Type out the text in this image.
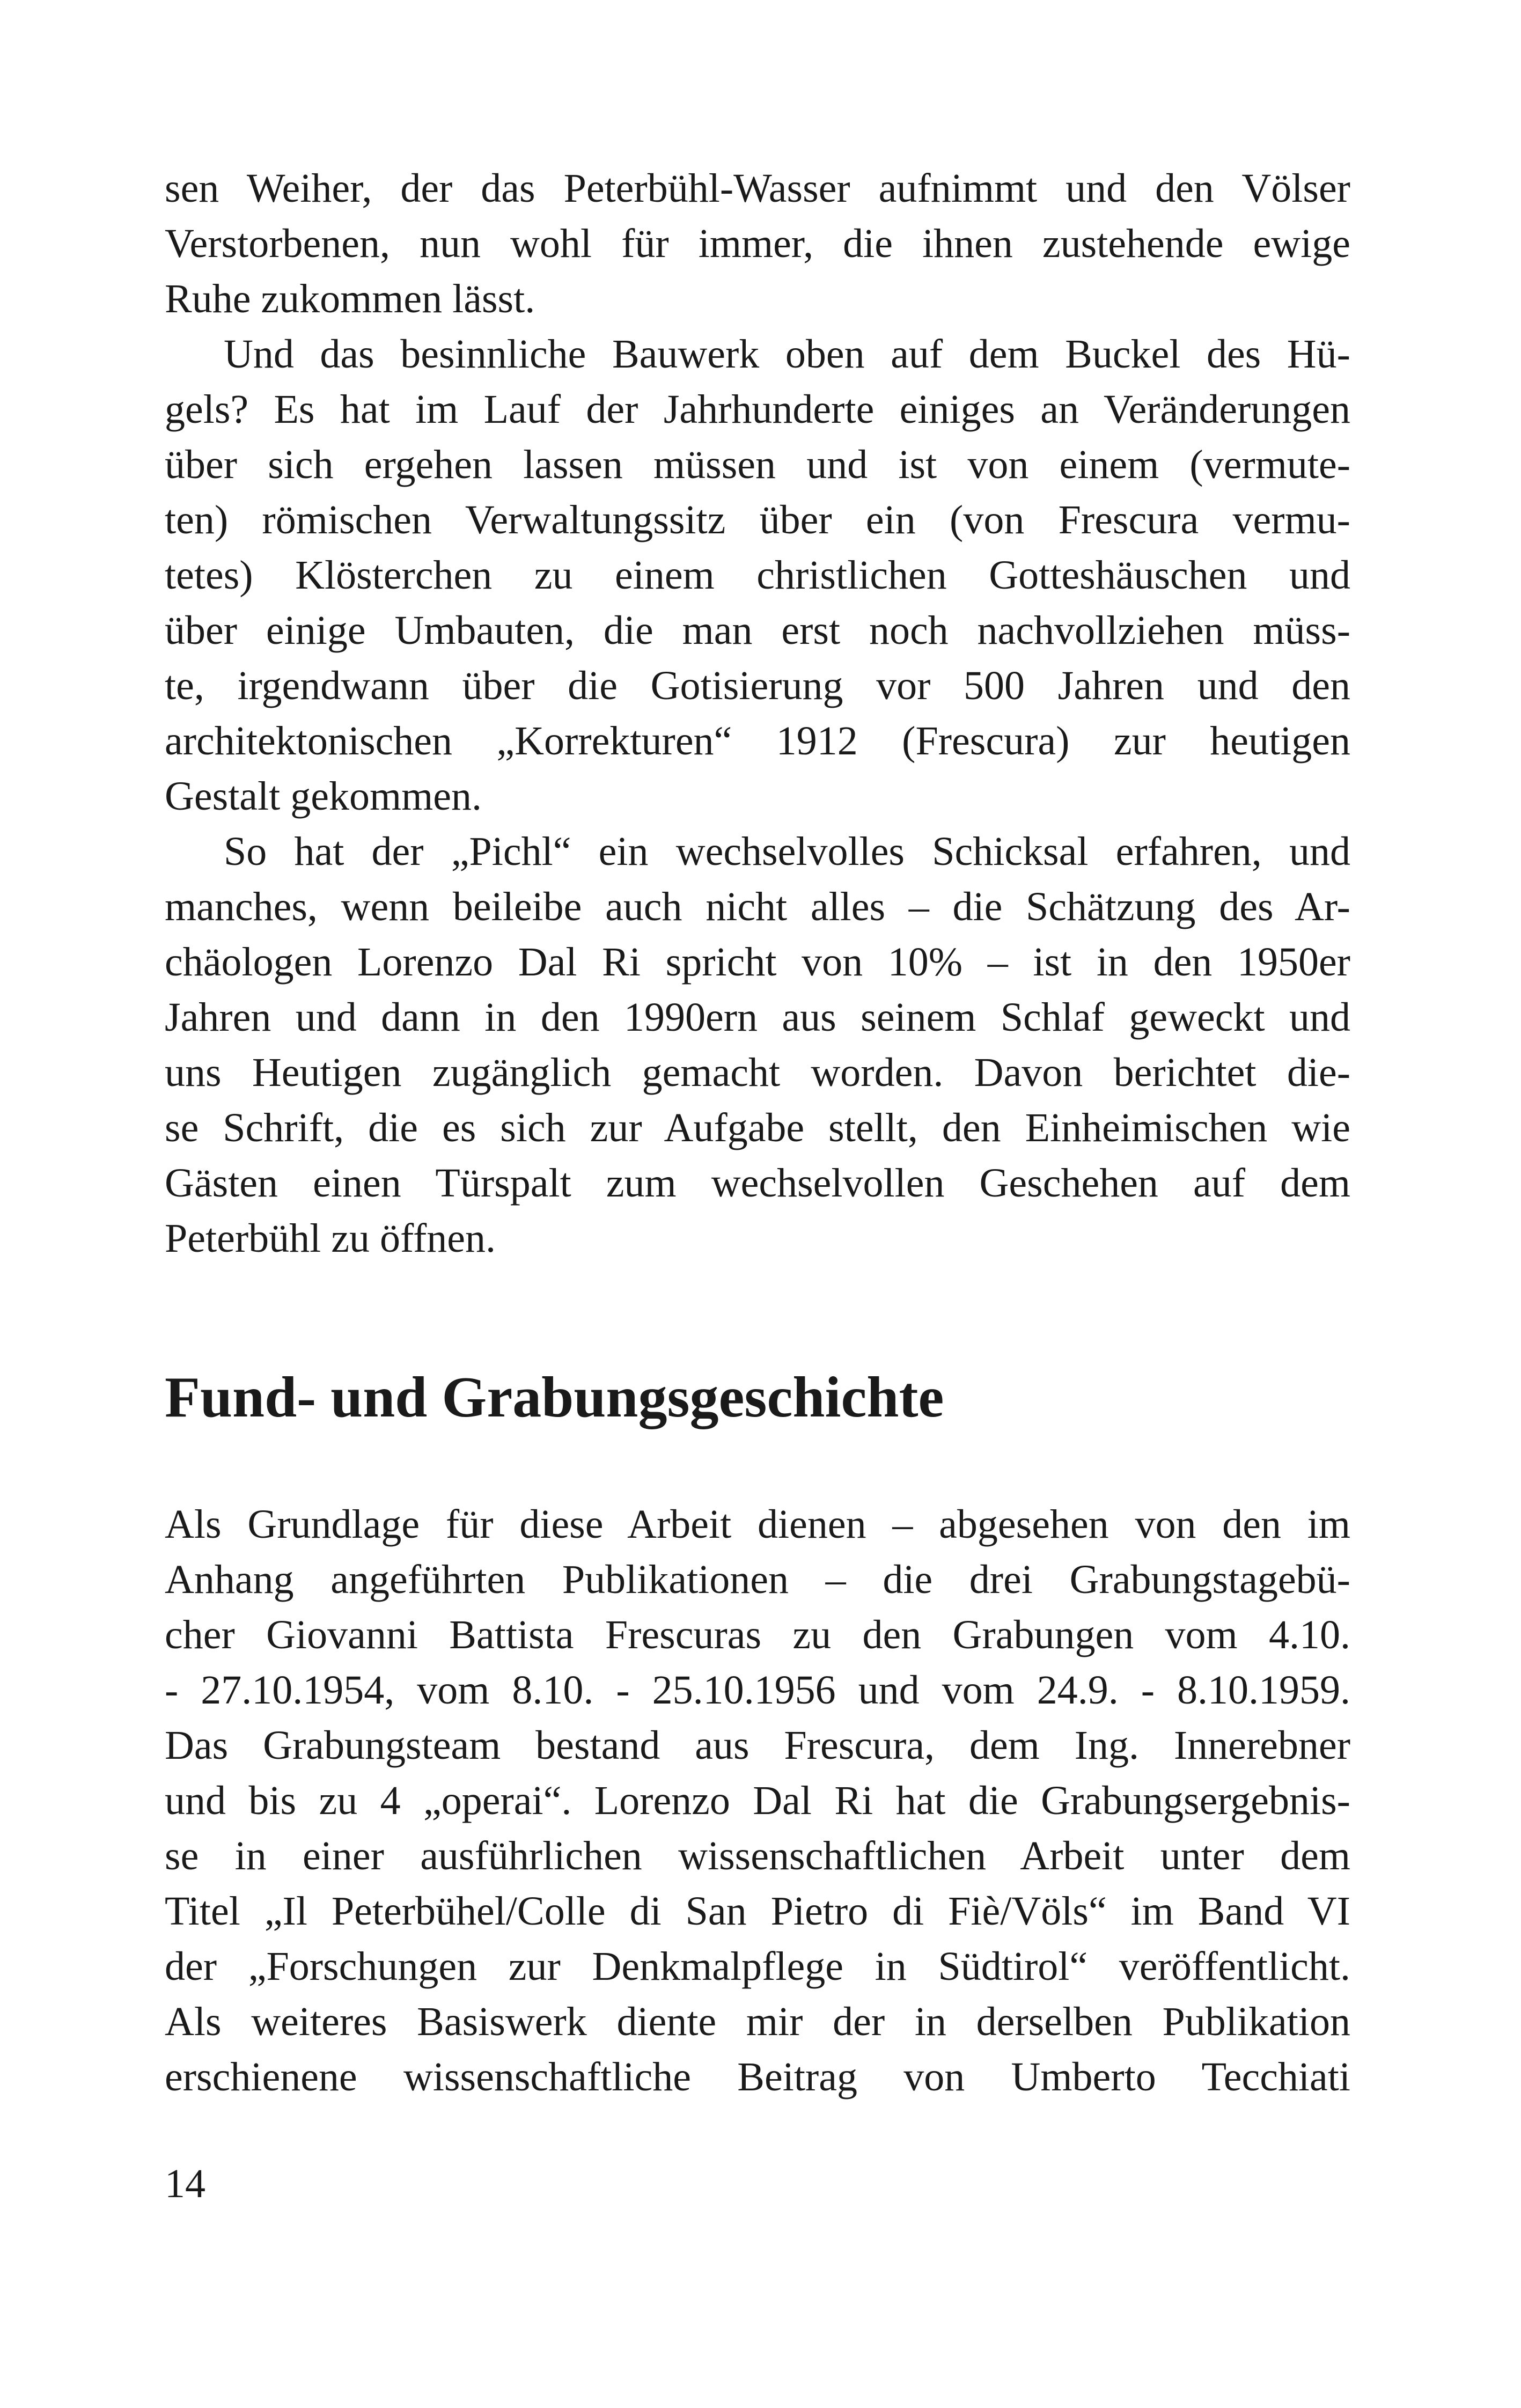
sen Weiher, der das Peterbühl-Wasser aufnimmt und den Völser
Verstorbenen, nun wohl für immer, die ihnen zustehende ewige
Ruhe zukommen lässt.
Und das besinnliche Bauwerk oben auf dem Buckel des Hü-
gels? Es hat im Lauf der Jahrhunderte einiges an Veränderungen
über sich ergehen lassen müssen und ist von einem (vermute-
ten) römischen Verwaltungssitz über ein (von Frescura vermu-
tetes) Klösterchen zu einem christlichen Gotteshäuschen und
über einige Umbauten, die man erst noch nachvollziehen müss-
te, irgendwann über die Gotisierung vor 500 Jahren und den
architektonischen „Korrekturen“ 1912 (Frescura) zur heutigen
Gestalt gekommen.
So hat der „Pichl“ ein wechselvolles Schicksal erfahren, und
manches, wenn beileibe auch nicht alles – die Schätzung des Ar-
chäologen Lorenzo Dal Ri spricht von 10% – ist in den 1950er
Jahren und dann in den 1990ern aus seinem Schlaf geweckt und
uns Heutigen zugänglich gemacht worden. Davon berichtet die-
se Schrift, die es sich zur Aufgabe stellt, den Einheimischen wie
Gästen einen Türspalt zum wechselvollen Geschehen auf dem
Peterbühl zu öffnen.
Fund- und Grabungsgeschichte
Als Grundlage für diese Arbeit dienen – abgesehen von den im
Anhang angeführten Publikationen – die drei Grabungstagebü-
cher Giovanni Battista Frescuras zu den Grabungen vom 4.10.
- 27.10.1954, vom 8.10. - 25.10.1956 und vom 24.9. - 8.10.1959.
Das Grabungsteam bestand aus Frescura, dem Ing. Innerebner
und bis zu 4 „operai“. Lorenzo Dal Ri hat die Grabungsergebnis-
se in einer ausführlichen wissenschaftlichen Arbeit unter dem
Titel „Il Peterbühel/Colle di San Pietro di Fiè/Völs“ im Band VI
der „Forschungen zur Denkmalpflege in Südtirol“ veröffentlicht.
Als weiteres Basiswerk diente mir der in derselben Publikation
erschienene wissenschaftliche Beitrag von Umberto Tecchiati
14
